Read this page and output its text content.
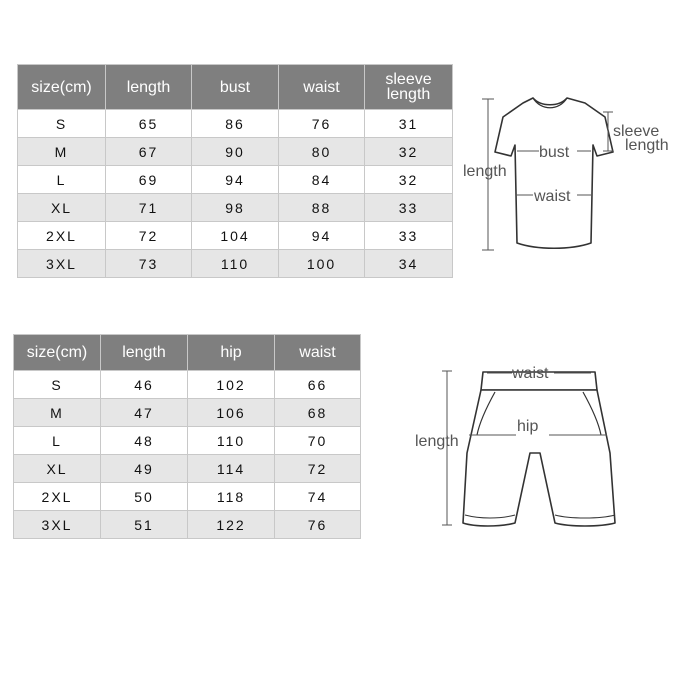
size(cm)	length	bust	waist	sleeve length
S	65	86	76	31
M	67	90	80	32
L	69	94	84	32
XL	71	98	88	33
2XL	72	104	94	33
3XL	73	110	100	34
sleeve
length
bust
length
waist
size(cm)	length	hip	waist
S	46	102	66
M	47	106	68
L	48	110	70
XL	49	114	72
2XL	50	118	74
3XL	51	122	76
waist
hip
length
